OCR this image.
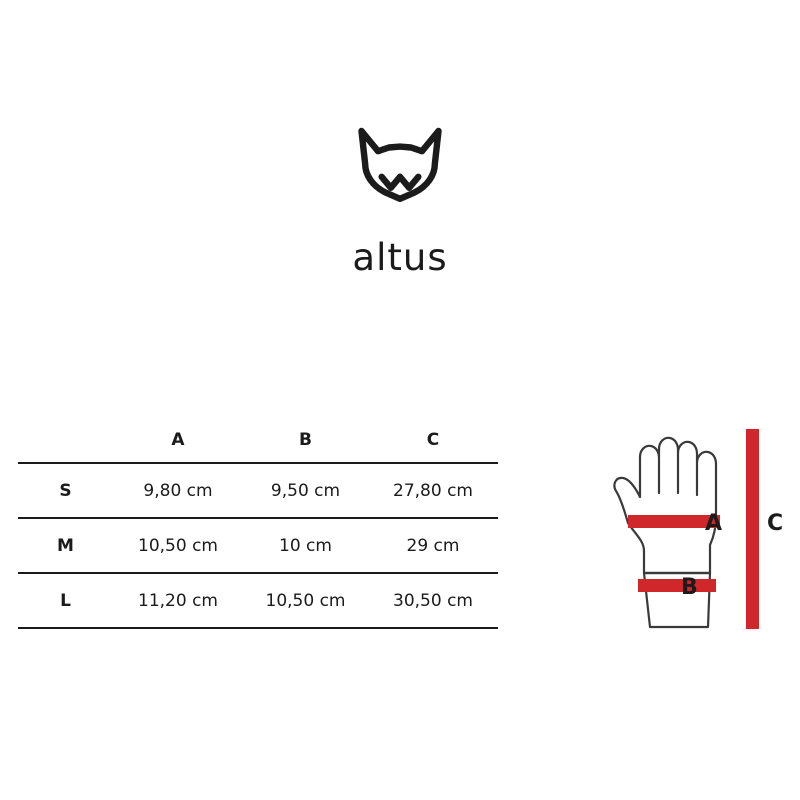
altus
	A	B	C
S	9,80 cm	9,50 cm	27,80 cm
M	10,50 cm	10 cm	29 cm
L	11,20 cm	10,50 cm	30,50 cm
A
B
C
